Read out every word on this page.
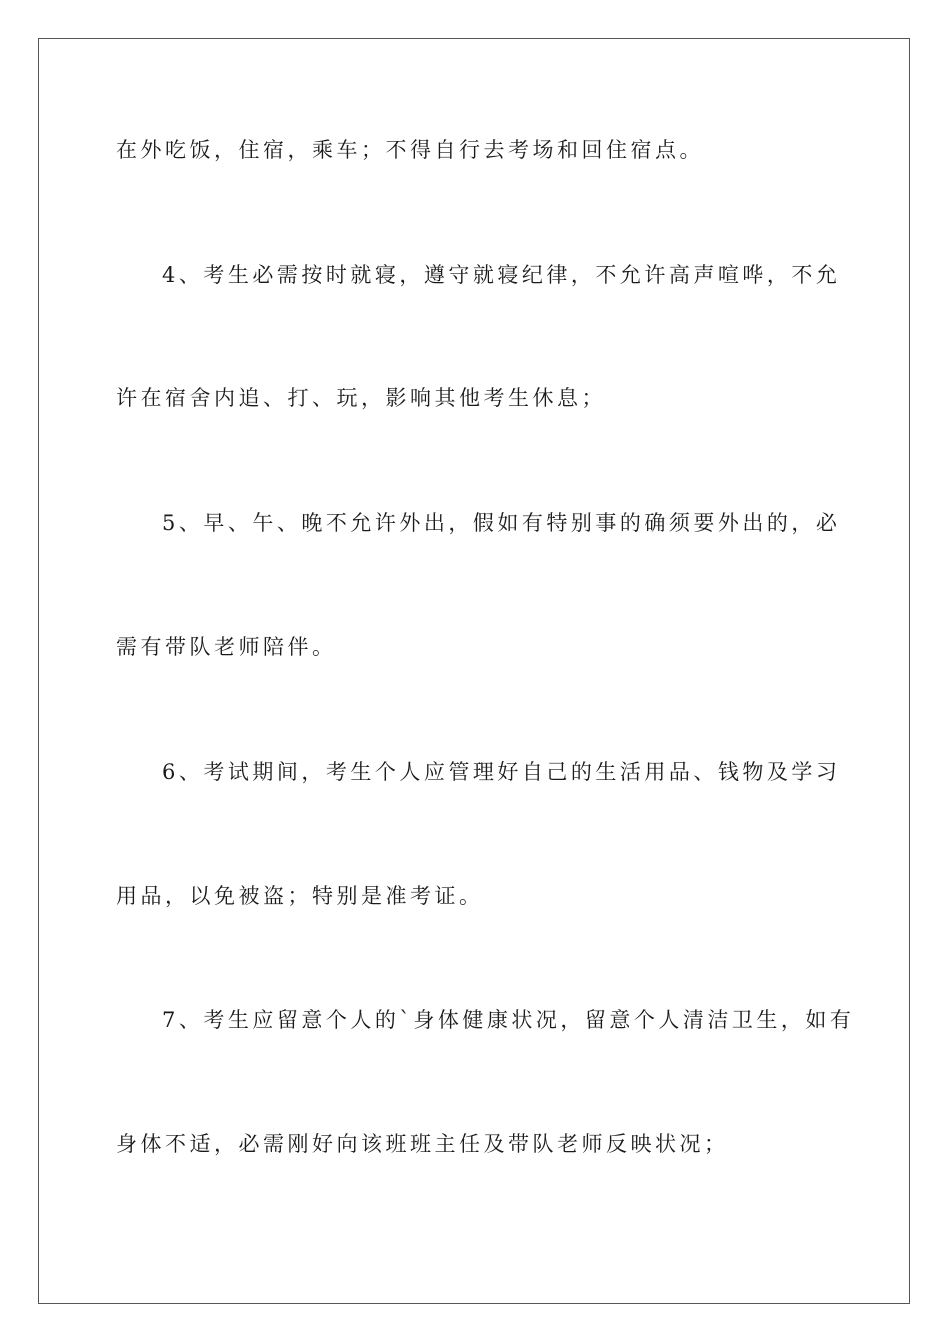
在外吃饭，住宿，乘车；不得自行去考场和回住宿点。
4、考生必需按时就寝，遵守就寝纪律，不允许高声喧哗，不允
许在宿舍内追、打、玩，影响其他考生休息；
5、早、午、晚不允许外出，假如有特别事的确须要外出的，必
需有带队老师陪伴。
6、考试期间，考生个人应管理好自己的生活用品、钱物及学习
用品，以免被盗；特别是准考证。
7、考生应留意个人的`身体健康状况，留意个人清洁卫生，如有
身体不适，必需刚好向该班班主任及带队老师反映状况；
